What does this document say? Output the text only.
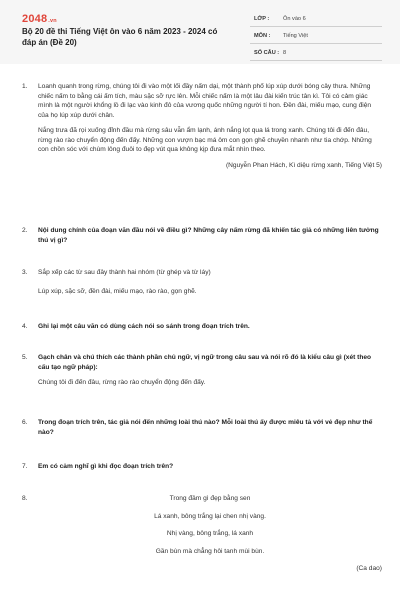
2048.vn
Bộ 20 đề thi Tiếng Việt ôn vào 6 năm 2023 - 2024 có đáp án (Đề 20)
LỚP : Ôn vào 6
MÔN : Tiếng Việt
SỐ CÂU : 8
1.	Loanh quanh trong rừng, chúng tôi đi vào một lối đầy nấm dại, một thành phố lúp xúp dưới bóng cây thưa. Những chiếc nấm to bằng cái ấm tích, màu sặc sỡ rực lên. Mỗi chiếc nấm là một lâu đài kiến trúc tân kì. Tôi có cảm giác mình là một người khổng lồ đi lạc vào kinh đô của vương quốc những người tí hon. Đền đài, miếu mạo, cung điện của họ lúp xúp dưới chân.
Nắng trưa đã rọi xuống đỉnh đầu mà rừng sâu vẫn ẩm lạnh, ánh nắng lọt qua lá trong xanh. Chúng tôi đi đến đâu, rừng rào rào chuyển động đến đấy. Những con vượn bạc má ôm con gọn ghẽ chuyền nhanh như tia chớp. Những con chồn sóc với chùm lông đuôi to đẹp vút qua không kịp đưa mắt nhìn theo.
(Nguyễn Phan Hách, Kì diệu rừng xanh, Tiếng Việt 5)
2.	Nội dung chính của đoạn văn đầu nói về điều gì? Những cây nấm rừng đã khiến tác giả có những liên tưởng thú vị gì?
3.	Sắp xếp các từ sau đây thành hai nhóm (từ ghép và từ láy)
Lúp xúp, sặc sỡ, đền đài, miếu mạo, rào rào, gọn ghẽ.
4.	Ghi lại một câu văn có dùng cách nói so sánh trong đoạn trích trên.
5.	Gạch chân và chú thích các thành phần chủ ngữ, vị ngữ trong câu sau và nói rõ đó là kiểu câu gì (xét theo cấu tạo ngữ pháp):
Chúng tôi đi đến đâu, rừng rào rào chuyển động đến đấy.
6.	Trong đoạn trích trên, tác giả nói đến những loài thú nào? Mỗi loài thú ấy được miêu tả với vẻ đẹp như thế nào?
7.	Em có cảm nghĩ gì khi đọc đoạn trích trên?
8.	Trong đầm gì đẹp bằng sen
Lá xanh, bông trắng lại chen nhị vàng.
Nhị vàng, bông trắng, lá xanh
Gần bùn mà chẳng hôi tanh mùi bùn.
(Ca dao)
